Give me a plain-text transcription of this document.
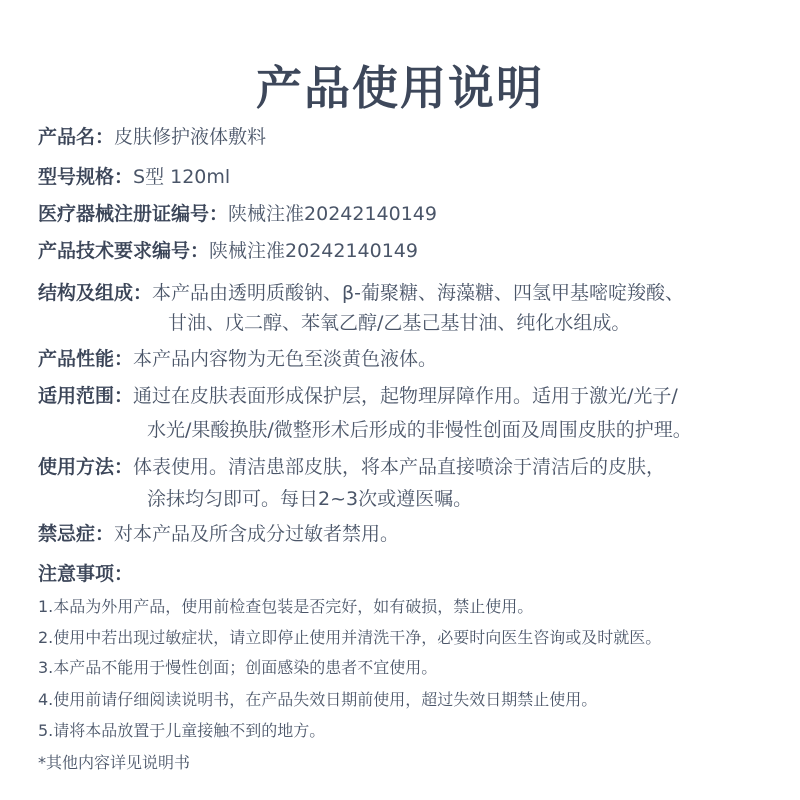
产品使用说明
产品名：皮肤修护液体敷料
型号规格：S型 120ml
医疗器械注册证编号：陕械注准20242140149
产品技术要求编号：陕械注准20242140149
结构及组成：本产品由透明质酸钠、β-葡聚糖、海藻糖、四氢甲基嘧啶羧酸、
甘油、戊二醇、苯氧乙醇/乙基己基甘油、纯化水组成。
产品性能：本产品内容物为无色至淡黄色液体。
适用范围：通过在皮肤表面形成保护层，起物理屏障作用。适用于激光/光子/
水光/果酸换肤/微整形术后形成的非慢性创面及周围皮肤的护理。
使用方法：体表使用。清洁患部皮肤，将本产品直接喷涂于清洁后的皮肤，
涂抹均匀即可。每日2~3次或遵医嘱。
禁忌症：对本产品及所含成分过敏者禁用。
注意事项：
1.本品为外用产品，使用前检查包装是否完好，如有破损，禁止使用。
2.使用中若出现过敏症状，请立即停止使用并清洗干净，必要时向医生咨询或及时就医。
3.本产品不能用于慢性创面；创面感染的患者不宜使用。
4.使用前请仔细阅读说明书，在产品失效日期前使用，超过失效日期禁止使用。
5.请将本品放置于儿童接触不到的地方。
*其他内容详见说明书
